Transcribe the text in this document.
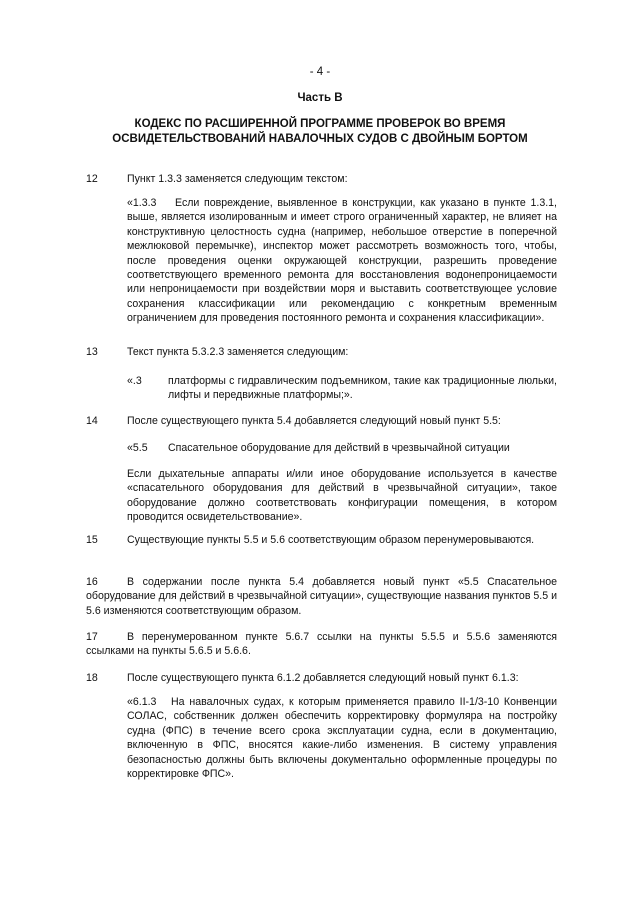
- 4 -
Часть B
КОДЕКС ПО РАСШИРЕННОЙ ПРОГРАММЕ ПРОВЕРОК ВО ВРЕМЯ ОСВИДЕТЕЛЬСТВОВАНИЙ НАВАЛОЧНЫХ СУДОВ С ДВОЙНЫМ БОРТОМ
12	Пункт 1.3.3 заменяется следующим текстом:
«1.3.3 Если повреждение, выявленное в конструкции, как указано в пункте 1.3.1, выше, является изолированным и имеет строго ограниченный характер, не влияет на конструктивную целостность судна (например, небольшое отверстие в поперечной межлюковой перемычке), инспектор может рассмотреть возможность того, чтобы, после проведения оценки окружающей конструкции, разрешить проведение соответствующего временного ремонта для восстановления водонепроницаемости или непроницаемости при воздействии моря и выставить соответствующее условие сохранения классификации или рекомендацию с конкретным временным ограничением для проведения постоянного ремонта и сохранения классификации».
13	Текст пункта 5.3.2.3 заменяется следующим:
«.3 платформы с гидравлическим подъемником, такие как традиционные люльки, лифты и передвижные платформы;».
14	После существующего пункта 5.4 добавляется следующий новый пункт 5.5:
«5.5 Спасательное оборудование для действий в чрезвычайной ситуации
Если дыхательные аппараты и/или иное оборудование используется в качестве «спасательного оборудования для действий в чрезвычайной ситуации», такое оборудование должно соответствовать конфигурации помещения, в котором проводится освидетельствование».
15	Существующие пункты 5.5 и 5.6 соответствующим образом перенумеровываются.
16	В содержании после пункта 5.4 добавляется новый пункт «5.5 Спасательное оборудование для действий в чрезвычайной ситуации», существующие названия пунктов 5.5 и 5.6 изменяются соответствующим образом.
17	В перенумерованном пункте 5.6.7 ссылки на пункты 5.5.5 и 5.5.6 заменяются ссылками на пункты 5.6.5 и 5.6.6.
18	После существующего пункта 6.1.2 добавляется следующий новый пункт 6.1.3:
«6.1.3 На навалочных судах, к которым применяется правило II-1/3-10 Конвенции СОЛАС, собственник должен обеспечить корректировку формуляра на постройку судна (ФПС) в течение всего срока эксплуатации судна, если в документацию, включенную в ФПС, вносятся какие-либо изменения. В систему управления безопасностью должны быть включены документально оформленные процедуры по корректировке ФПС».
